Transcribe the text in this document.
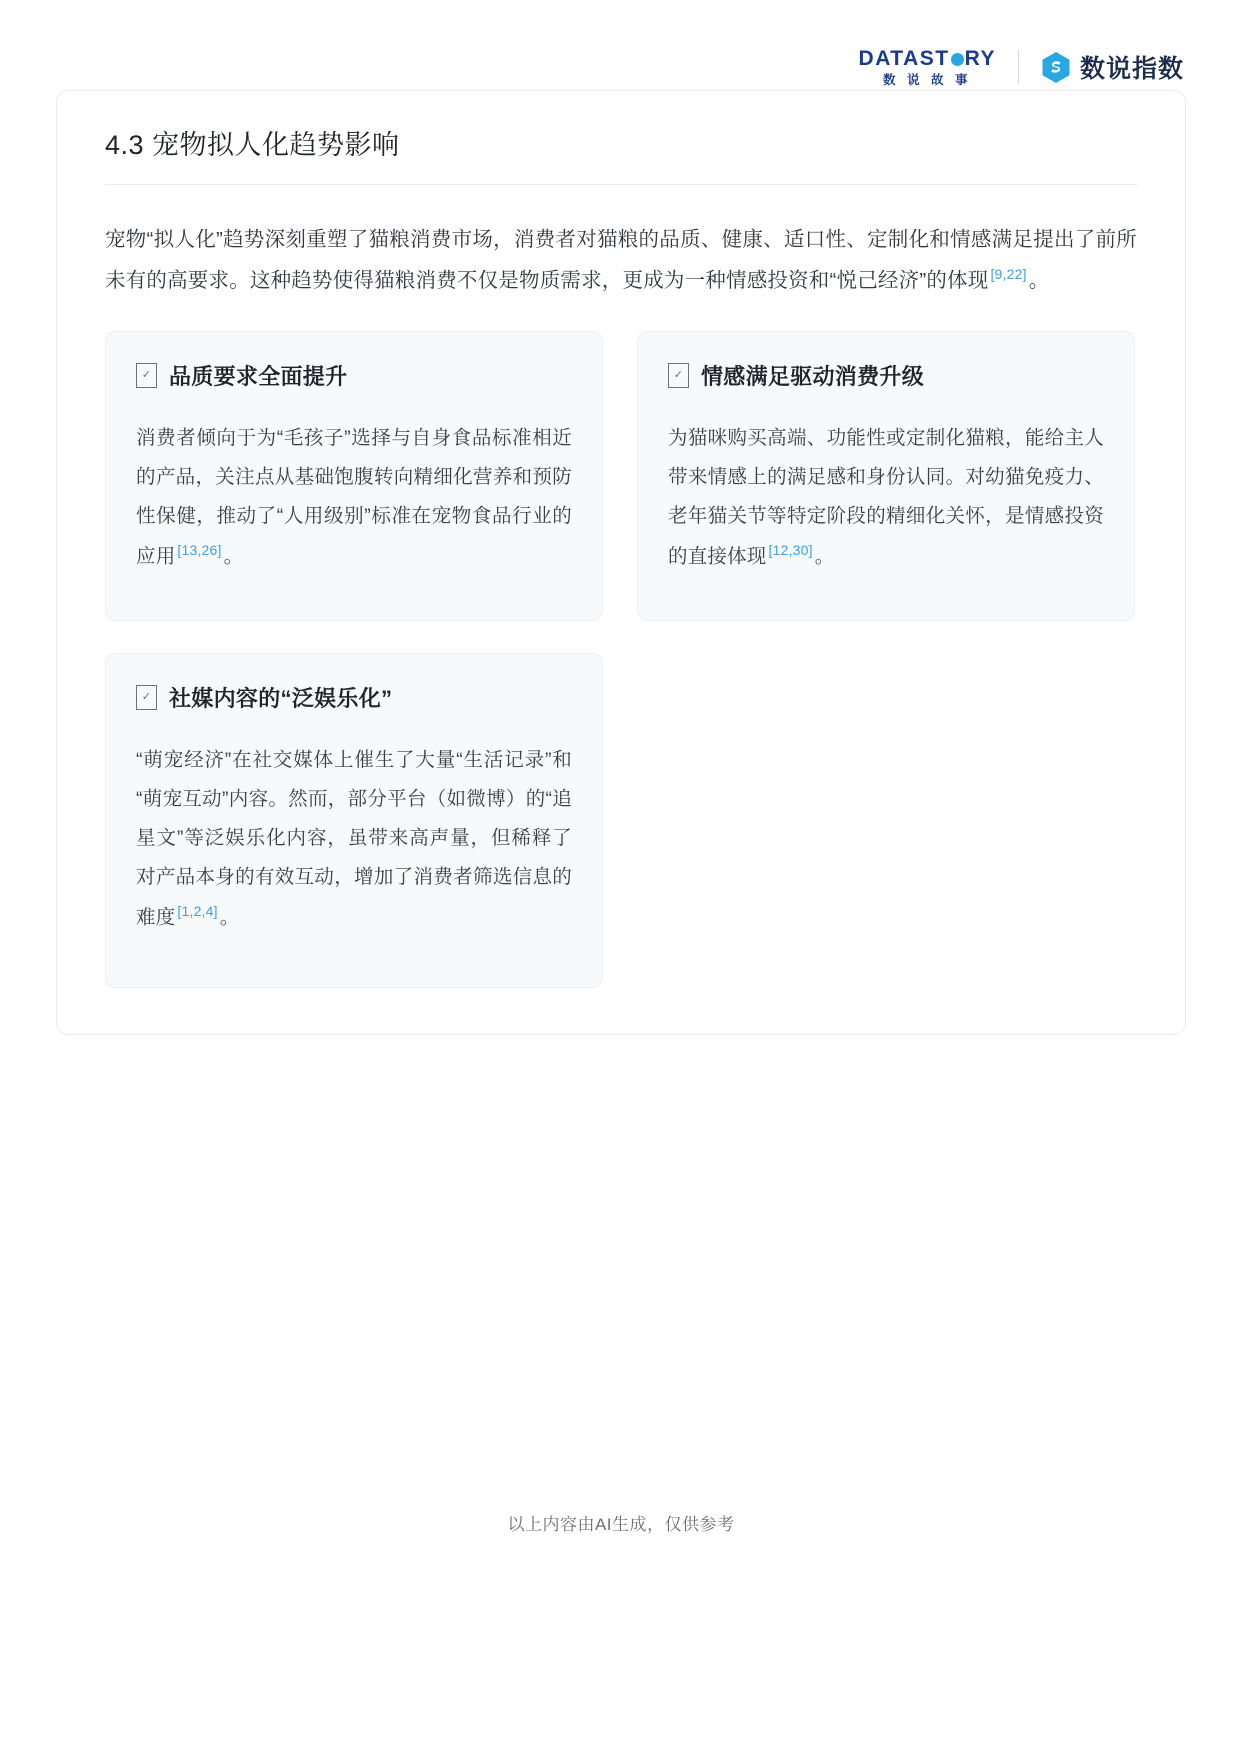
DATAST RY
数 说 故 事	数说指数
4.3 宠物拟人化趋势影响

宠物“拟人化”趋势深刻重塑了猫粮消费市场，消费者对猫粮的品质、健康、适口性、定制化和情感满足提出了前所未有的高要求。这种趋势使得猫粮消费不仅是物质需求，更成为一种情感投资和“悦己经济”的体现 [9,22]。

✓ 品质要求全面提升
消费者倾向于为“毛孩子”选择与自身食品标准相近的产品，关注点从基础饱腹转向精细化营养和预防性保健，推动了“人用级别”标准在宠物食品行业的应用 [13,26] 。
✓ 情感满足驱动消费升级
为猫咪购买高端、功能性或定制化猫粮，能给主人带来情感上的满足感和身份认同。对幼猫免疫力、老年猫关节等特定阶段的精细化关怀，是情感投资的直接体现 [12,30] 。
✓ 社媒内容的“泛娱乐化”
“萌宠经济”在社交媒体上催生了大量“生活记录”和“萌宠互动”内容。然而，部分平台（如微博）的“追星文”等泛娱乐化内容，虽带来高声量，但稀释了对产品本身的有效互动，增加了消费者筛选信息的难度 [1,2,4] 。
以上内容由AI生成，仅供参考
